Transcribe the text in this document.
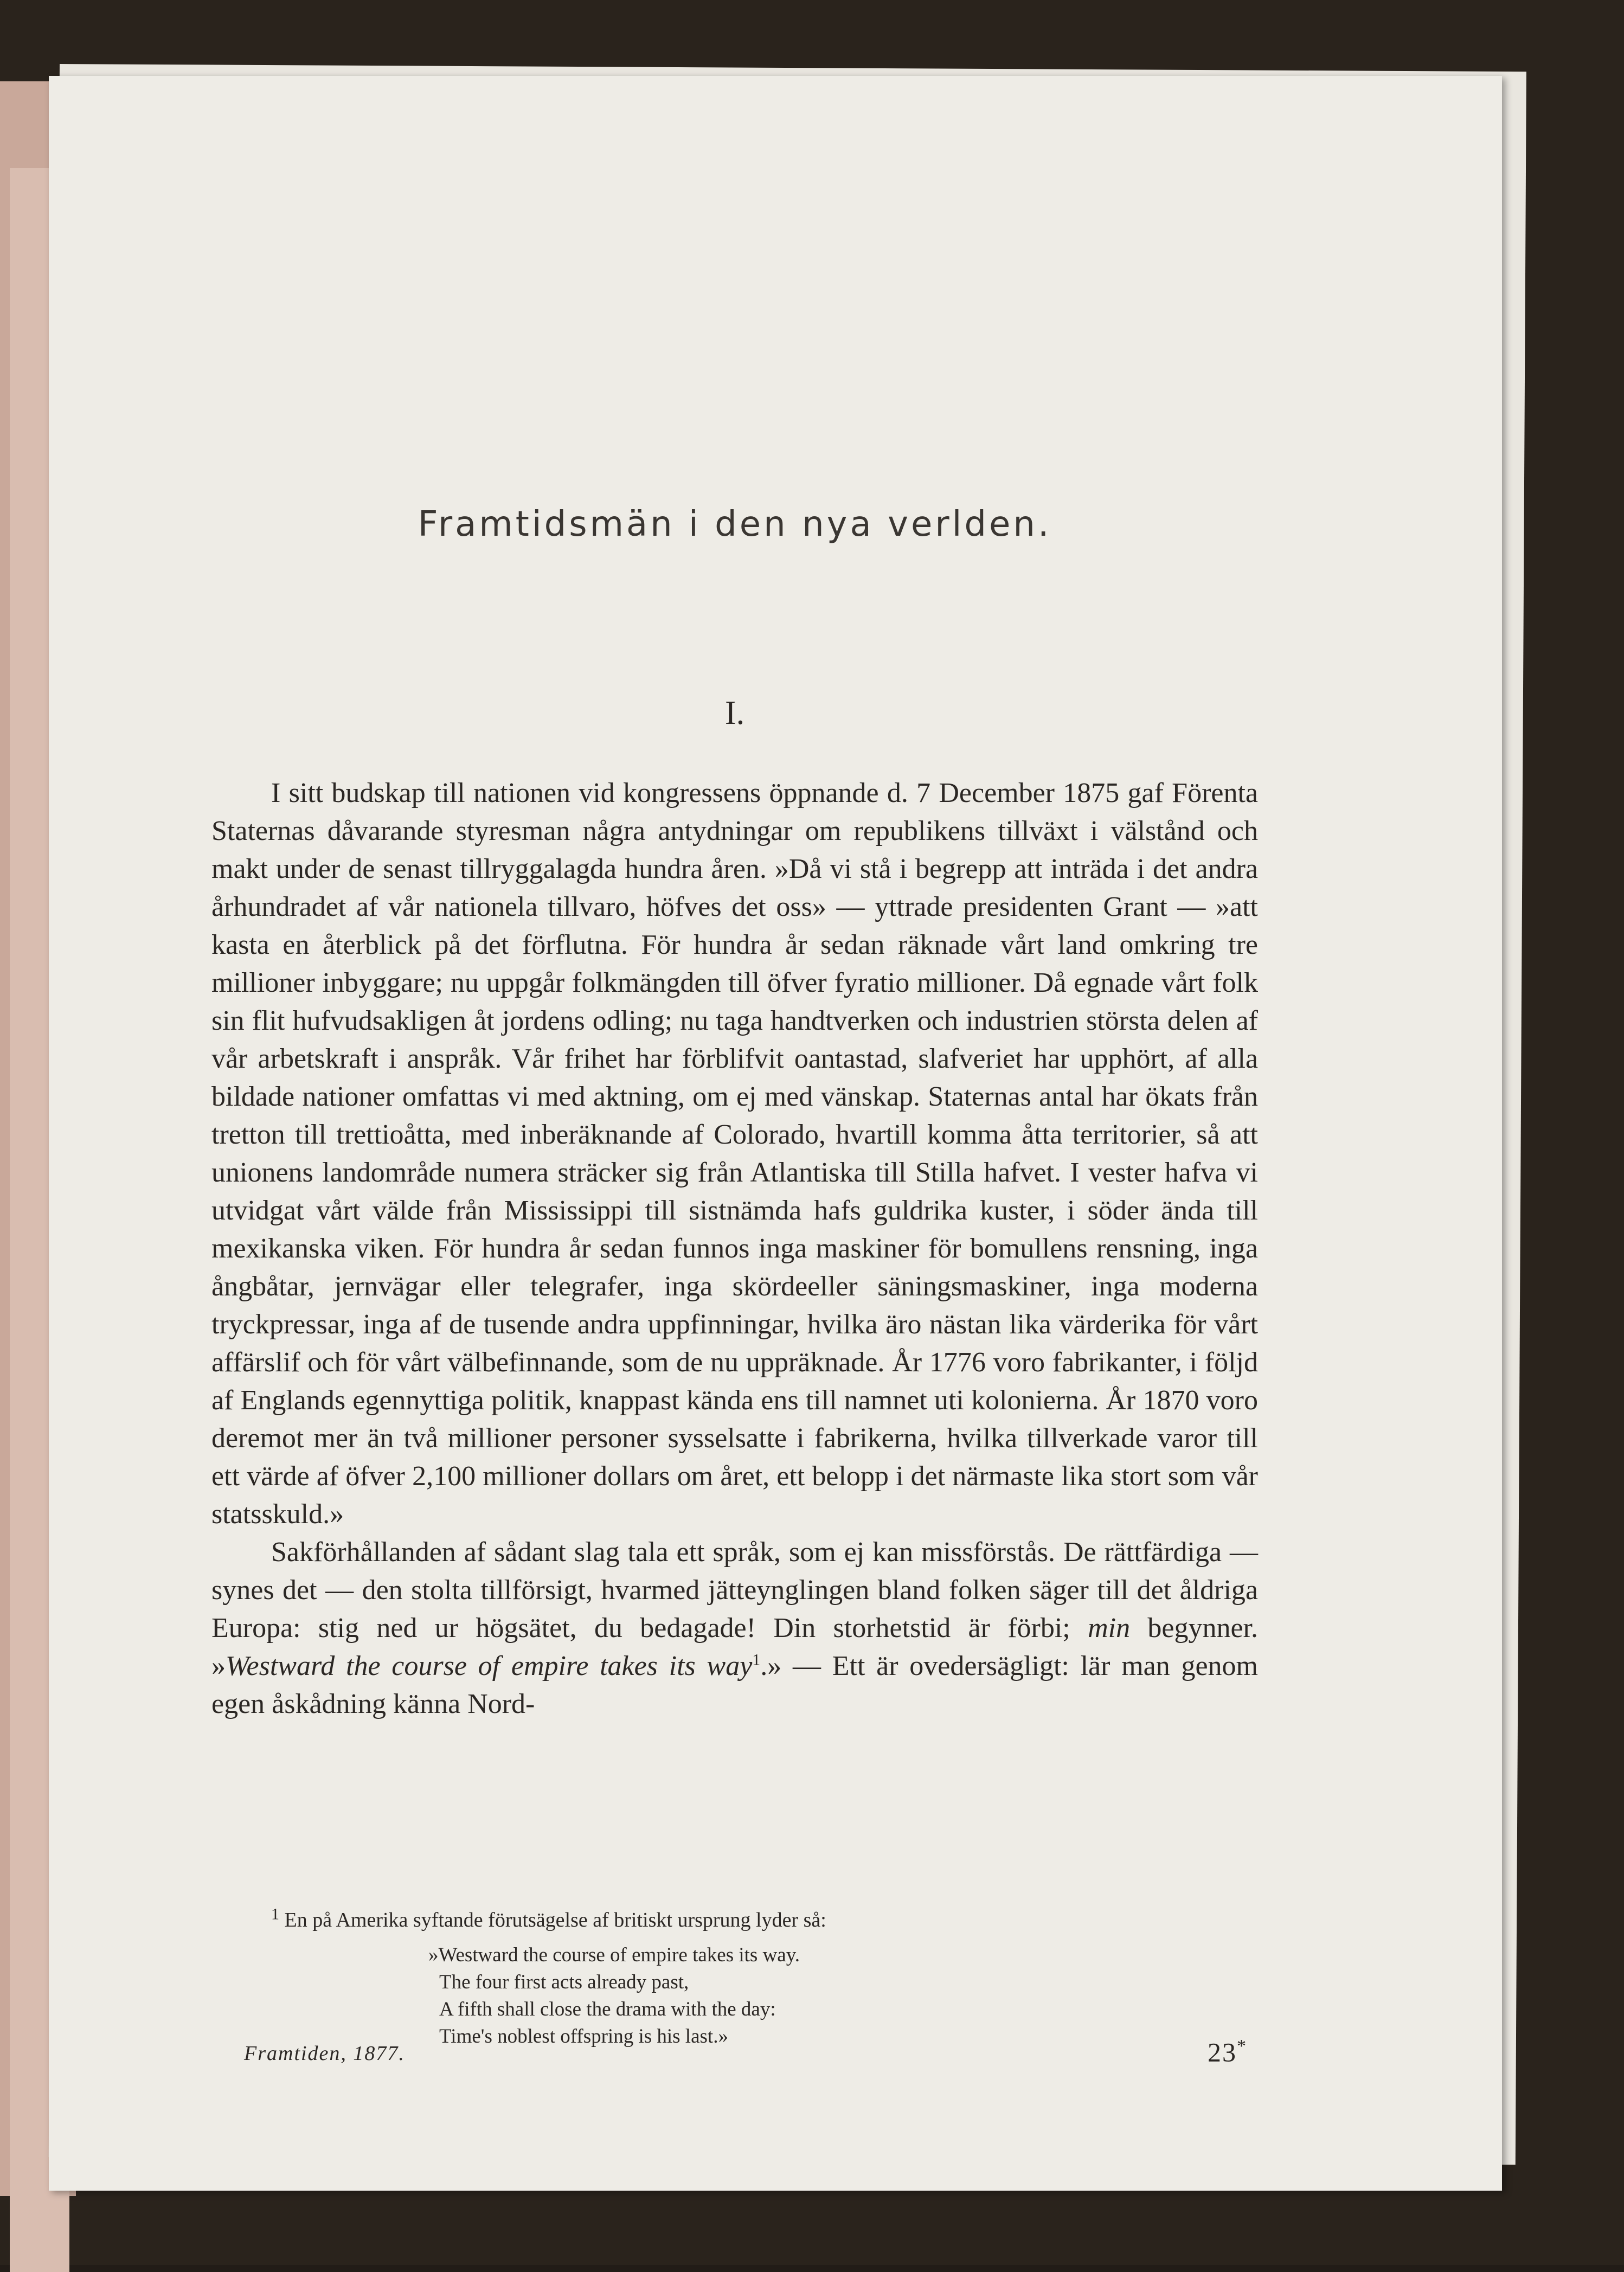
Framtidsmän i den nya verlden.
I.

I sitt budskap till nationen vid kongressens öppnande d. 7 December 1875 gaf Förenta Staternas dåvarande styresman några antydningar om republikens tillväxt i välstånd och makt under de senast tillryggalagda hundra åren. »Då vi stå i begrepp att inträda i det andra århundradet af vår nationela tillvaro, höfves det oss» — yttrade presidenten Grant — »att kasta en återblick på det förflutna. För hundra år sedan räknade vårt land omkring tre millioner inbyggare; nu uppgår folkmängden till öfver fyratio millioner. Då egnade vårt folk sin flit hufvudsakligen åt jordens odling; nu taga handtverken och industrien största delen af vår arbetskraft i anspråk. Vår frihet har förblifvit oantastad, slafveriet har upphört, af alla bildade nationer omfattas vi med aktning, om ej med vänskap. Staternas antal har ökats från tretton till trettioåtta, med inberäknande af Colorado, hvartill komma åtta territorier, så att unionens landområde numera sträcker sig från Atlantiska till Stilla hafvet. I vester hafva vi utvidgat vårt välde från Mississippi till sistnämda hafs guldrika kuster, i söder ända till mexikanska viken. För hundra år sedan funnos inga maskiner för bomullens rensning, inga ångbåtar, jernvägar eller telegrafer, inga skördeeller säningsmaskiner, inga moderna tryckpressar, inga af de tusende andra uppfinningar, hvilka äro nästan lika värderika för vårt affärslif och för vårt välbefinnande, som de nu uppräknade. År 1776 voro fabrikanter, i följd af Englands egennyttiga politik, knappast kända ens till namnet uti kolonierna. År 1870 voro deremot mer än två millioner personer sysselsatte i fabrikerna, hvilka tillverkade varor till ett värde af öfver 2,100 millioner dollars om året, ett belopp i det närmaste lika stort som vår statsskuld.»

Sakförhållanden af sådant slag tala ett språk, som ej kan missförstås. De rättfärdiga — synes det — den stolta tillförsigt, hvarmed jätteynglingen bland folken säger till det åldriga Europa: stig ned ur högsätet, du bedagade! Din storhetstid är förbi; min begynner. »Westward the course of empire takes its way$^1$.» — Ett är ovedersägligt: lär man genom egen åskådning känna Nord-

$^1$ En på Amerika syftande förutsägelse af britiskt ursprung lyder så:

»Westward the course of empire takes its way.
The four first acts already past,
A fifth shall close the drama with the day:
Time's noblest offspring is his last.»
Framtiden, 1877.	23*
